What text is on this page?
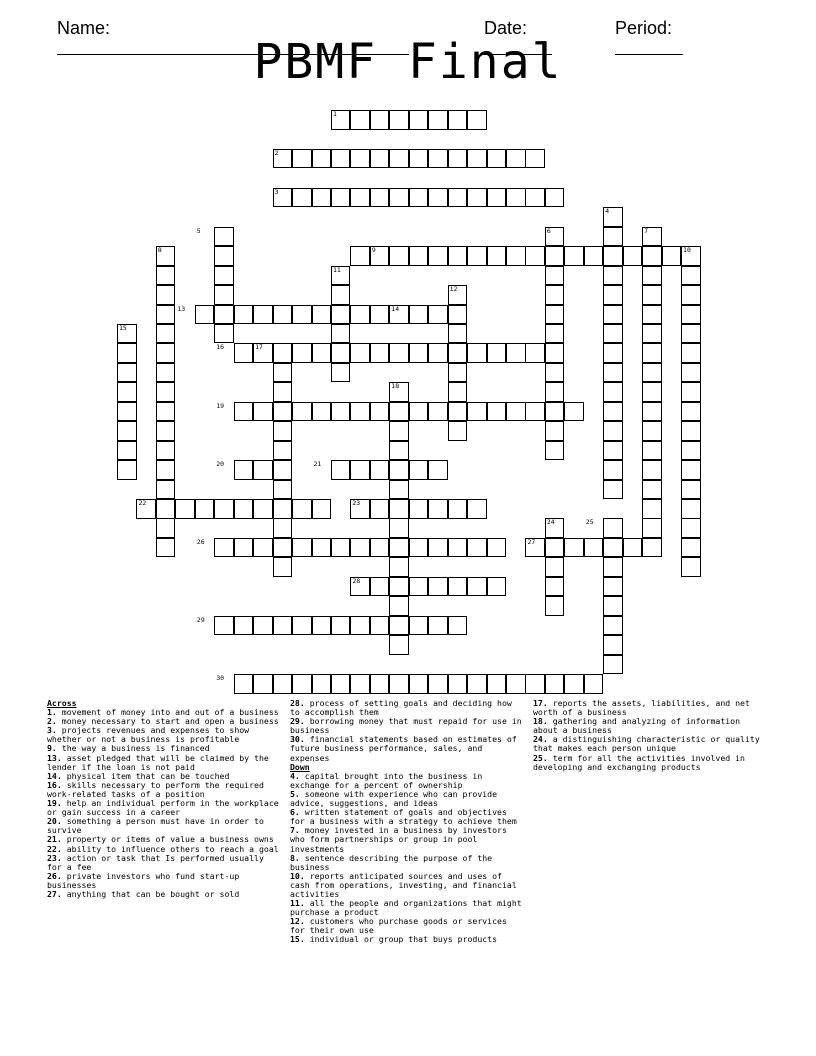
Name:
	Date:
	Period:

PBMF Final
1
2
3
4
5	6	7
8	9	10
11
12
13	14
15
16	17
18
19
20	21
22	23
24	25
26	27
28
29
30
Across
1. movement of money into and out of a business
2. money necessary to start and open a business
3. projects revenues and expenses to show whether or not a business is profitable
9. the way a business is financed
13. asset pledged that will be claimed by the lender if the loan is not paid
14. physical item that can be touched
16. skills necessary to perform the required work-related tasks of a position
19. help an individual perform in the workplace or gain success in a career
20. something a person must have in order to survive
21. property or items of value a business owns
22. ability to influence others to reach a goal
23. action or task that Is performed usually for a fee
26. private investors who fund start-up businesses
27. anything that can be bought or sold
28. process of setting goals and deciding how to accomplish them
29. borrowing money that must repaid for use in business
30. financial statements based on estimates of future business performance, sales, and expenses
Down
4. capital brought into the business in exchange for a percent of ownership
5. someone with experience who can provide advice, suggestions, and ideas
6. written statement of goals and objectives for a business with a strategy to achieve them
7. money invested in a business by investors who form partnerships or group in pool investments
8. sentence describing the purpose of the business
10. reports anticipated sources and uses of cash from operations, investing, and financial activities
11. all the people and organizations that might purchase a product
12. customers who purchase goods or services for their own use
15. individual or group that buys products
17. reports the assets, liabilities, and net worth of a business
18. gathering and analyzing of information about a business
24. a distinguishing characteristic or quality that makes each person unique
25. term for all the activities involved in developing and exchanging products
